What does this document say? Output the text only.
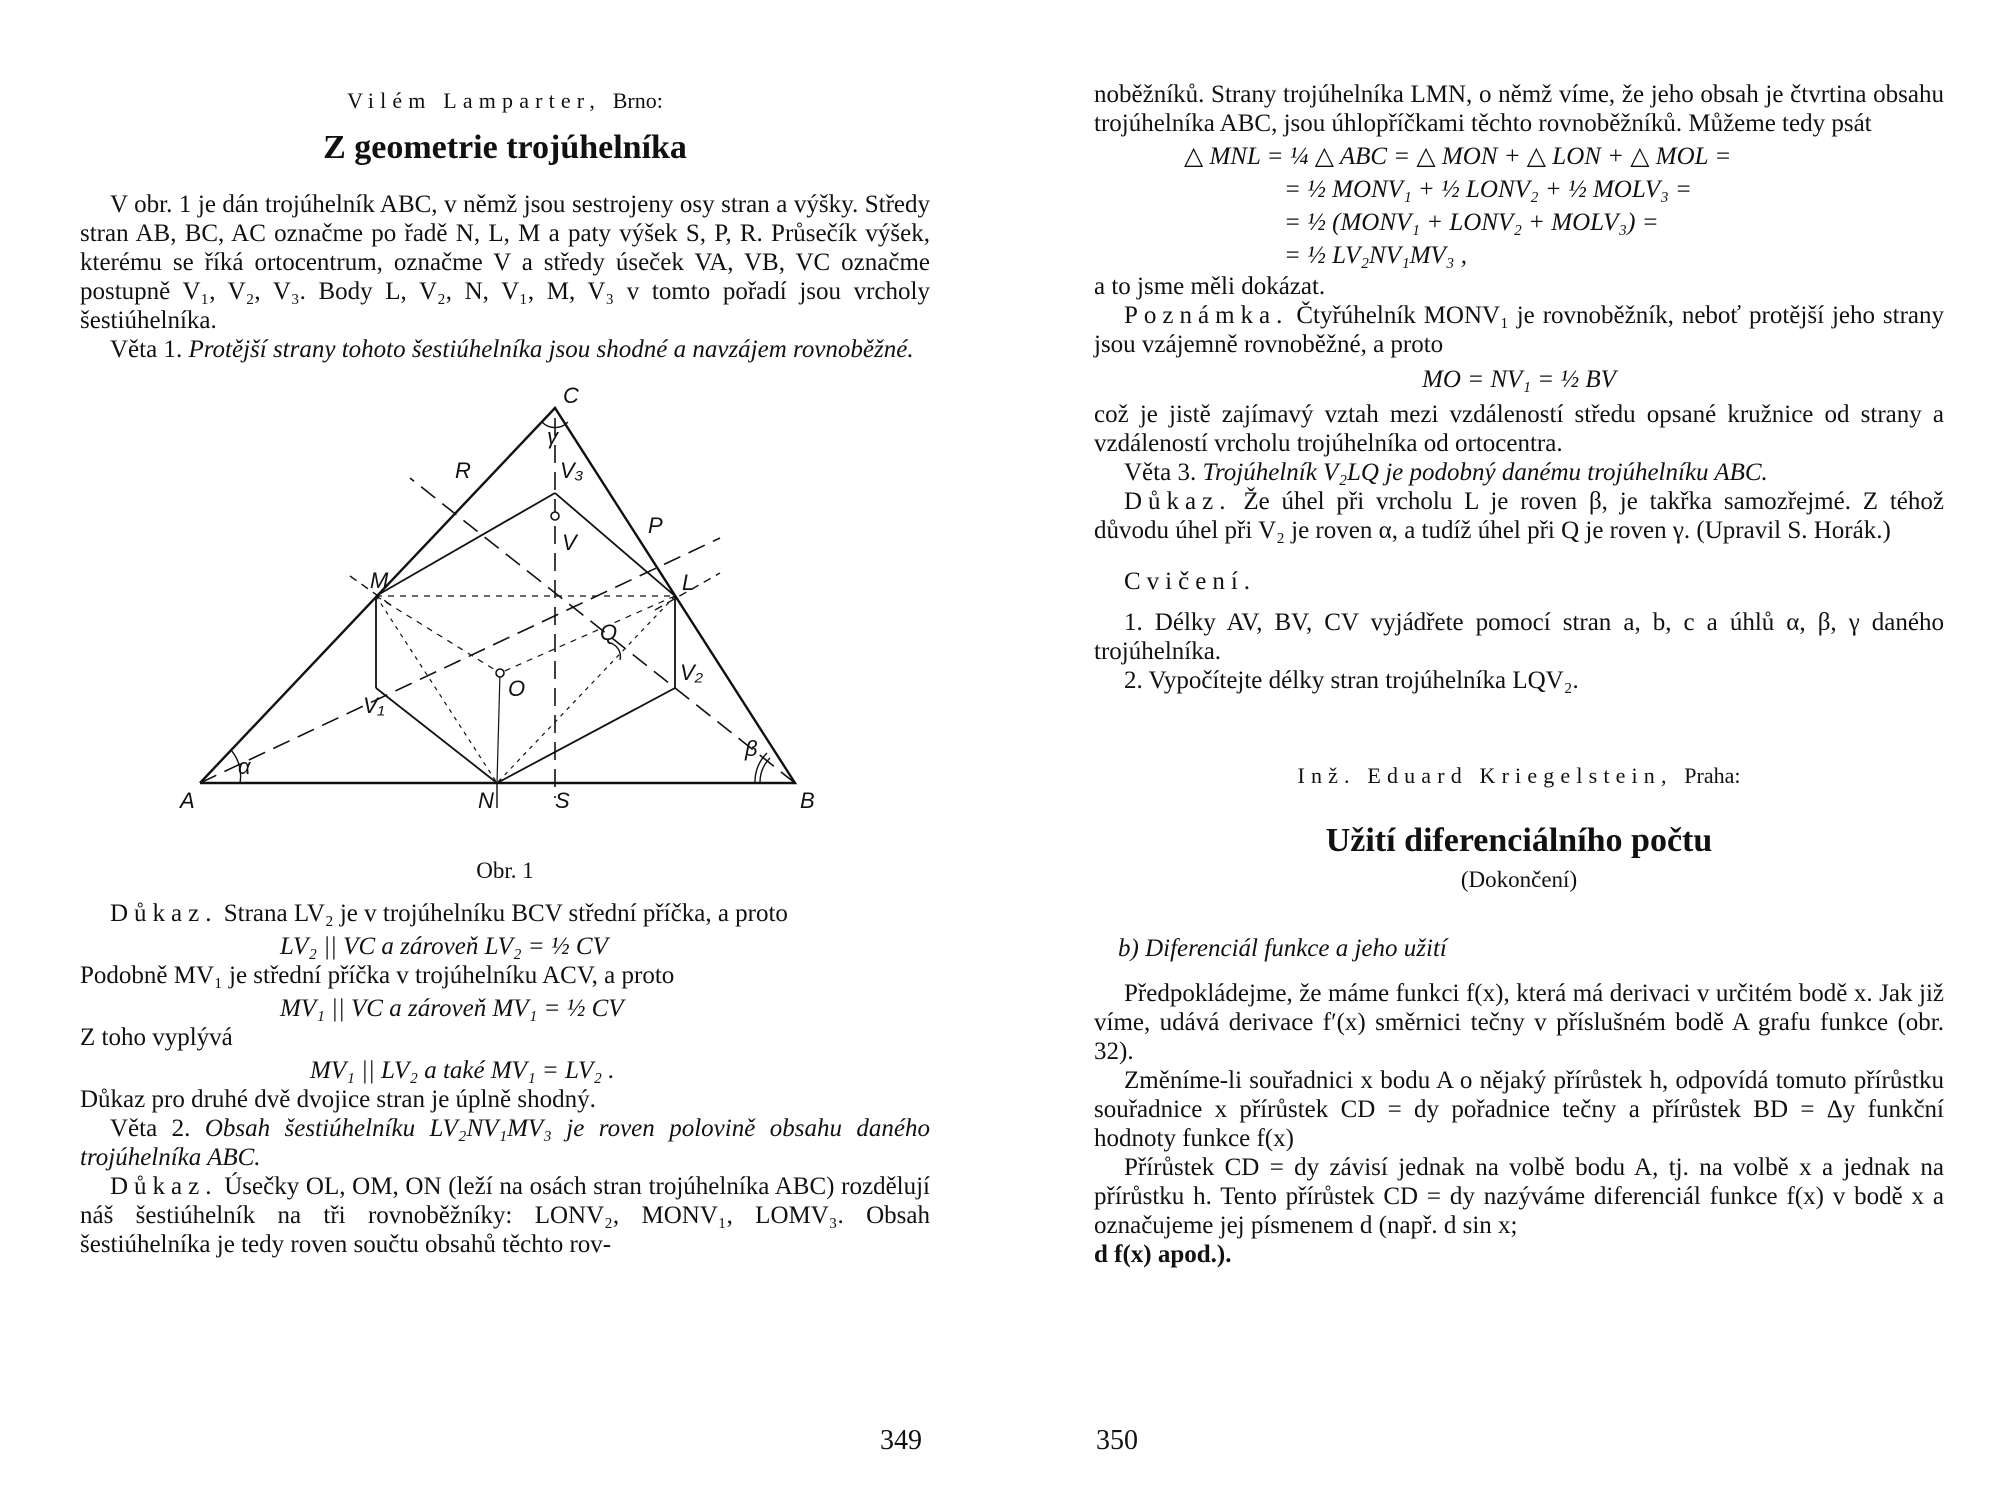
Vilém Lamparter, Brno:
Z geometrie trojúhelníka

V obr. 1 je dán trojúhelník ABC, v němž jsou sestrojeny osy stran a výšky. Středy stran AB, BC, AC označme po řadě N, L, M a paty výšek S, P, R. Průsečík výšek, kterému se říká ortocentrum, označme V a středy úseček VA, VB, VC označme postupně V₁, V₂, V₃. Body L, V₂, N, V₁, M, V₃ v tomto pořadí jsou vrcholy šestiúhelníka.

Věta 1. Protější strany tohoto šestiúhelníka jsou shodné a navzájem rovnoběžné.

A	B
C
N	S
L
M
P
R
V
V₁
V₂
V₃
O
Q
α
β
γ
Obr. 1

Důkaz. Strana LV₂ je v trojúhelníku BCV střední příčka, a proto

LV₂ || VC a zároveň LV₂ = ½ CV

Podobně MV₁ je střední příčka v trojúhelníku ACV, a proto

MV₁ || VC a zároveň MV₁ = ½ CV

Z toho vyplývá

MV₁ || LV₂ a také MV₁ = LV₂ .

Důkaz pro druhé dvě dvojice stran je úplně shodný.

Věta 2. Obsah šestiúhelníku LV₂NV₁MV₃ je roven polovině obsahu daného trojúhelníka ABC.

Důkaz. Úsečky OL, OM, ON (leží na osách stran trojúhelníka ABC) rozdělují náš šestiúhelník na tři rovnoběžníky: LONV₂, MONV₁, LOMV₃. Obsah šestiúhelníka je tedy roven součtu obsahů těchto rov-

349

noběžníků. Strany trojúhelníka LMN, o němž víme, že jeho obsah je čtvrtina obsahu trojúhelníka ABC, jsou úhlopříčkami těchto rovnoběžníků. Můžeme tedy psát

△ MNL = ¼ △ ABC = △ MON + △ LON + △ MOL =
= ½ MONV₁ + ½ LONV₂ + ½ MOLV₃ =
= ½ (MONV₁ + LONV₂ + MOLV₃) =
= ½ LV₂NV₁MV₃ ,

a to jsme měli dokázat.

Poznámka. Čtyřúhelník MONV₁ je rovnoběžník, neboť protější jeho strany jsou vzájemně rovnoběžné, a proto

MO = NV₁ = ½ BV

což je jistě zajímavý vztah mezi vzdáleností středu opsané kružnice od strany a vzdáleností vrcholu trojúhelníka od ortocentra.

Věta 3. Trojúhelník V₂LQ je podobný danému trojúhelníku ABC.

Důkaz. Že úhel při vrcholu L je roven β, je takřka samozřejmé. Z téhož důvodu úhel při V₂ je roven α, a tudíž úhel při Q je roven γ. (Upravil S. Horák.)

Cvičení.

1. Délky AV, BV, CV vyjádřete pomocí stran a, b, c a úhlů α, β, γ daného trojúhelníka.

2. Vypočítejte délky stran trojúhelníka LQV₂.

Inž. Eduard Kriegelstein, Praha:
Užití diferenciálního počtu
(Dokončení)

b) Diferenciál funkce a jeho užití

Předpokládejme, že máme funkci f(x), která má derivaci v určitém bodě x. Jak již víme, udává derivace f′(x) směrnici tečny v příslušném bodě A grafu funkce (obr. 32).

Změníme-li souřadnici x bodu A o nějaký přírůstek h, odpovídá tomuto přírůstku souřadnice x přírůstek CD = dy pořadnice tečny a přírůstek BD = Δy funkční hodnoty funkce f(x)

Přírůstek CD = dy závisí jednak na volbě bodu A, tj. na volbě x a jednak na přírůstku h. Tento přírůstek CD = dy nazýváme diferenciál funkce f(x) v bodě x a označujeme jej písmenem d (např. d sin x;

d f(x) apod.).

350
